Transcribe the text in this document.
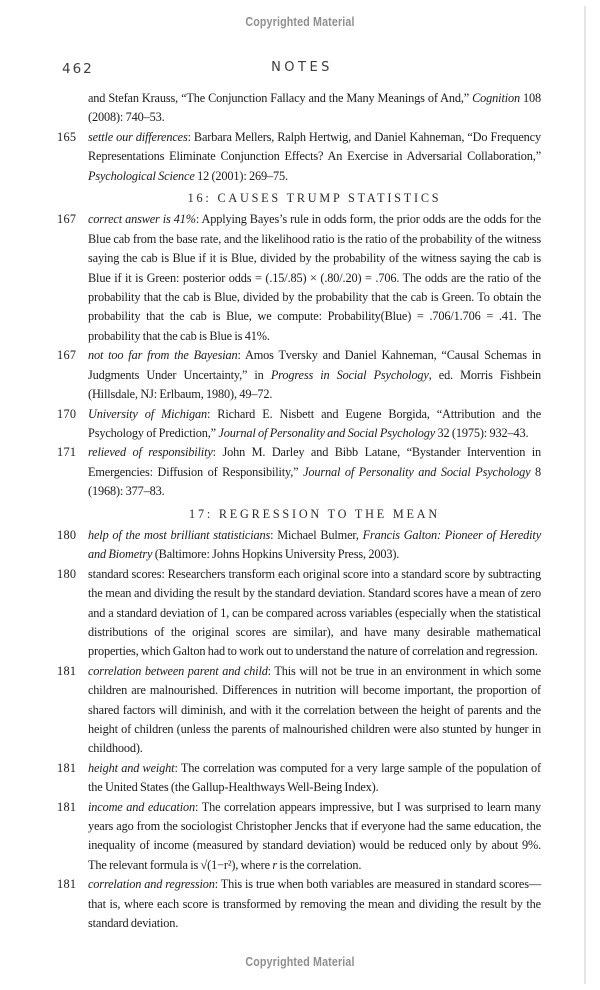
Copyrighted Material
462	NOTES
and Stefan Krauss, “The Conjunction Fallacy and the Many Meanings of And,” Cognition 108 (2008): 740–53.
165 settle our differences: Barbara Mellers, Ralph Hertwig, and Daniel Kahneman, “Do Frequency Representations Eliminate Conjunction Effects? An Exercise in Adversarial Collaboration,” Psychological Science 12 (2001): 269–75.
16: CAUSES TRUMP STATISTICS
167 correct answer is 41%: Applying Bayes’s rule in odds form, the prior odds are the odds for the Blue cab from the base rate, and the likelihood ratio is the ratio of the probability of the witness saying the cab is Blue if it is Blue, divided by the probability of the witness saying the cab is Blue if it is Green: posterior odds = (.15/.85) × (.80/.20) = .706. The odds are the ratio of the probability that the cab is Blue, divided by the probability that the cab is Green. To obtain the probability that the cab is Blue, we compute: Probability(Blue) = .706/1.706 = .41. The probability that the cab is Blue is 41%.
167 not too far from the Bayesian: Amos Tversky and Daniel Kahneman, “Causal Schemas in Judgments Under Uncertainty,” in Progress in Social Psychology, ed. Morris Fishbein (Hillsdale, NJ: Erlbaum, 1980), 49–72.
170 University of Michigan: Richard E. Nisbett and Eugene Borgida, “Attribution and the Psychology of Prediction,” Journal of Personality and Social Psychology 32 (1975): 932–43.
171 relieved of responsibility: John M. Darley and Bibb Latane, “Bystander Intervention in Emergencies: Diffusion of Responsibility,” Journal of Personality and Social Psychology 8 (1968): 377–83.
17: REGRESSION TO THE MEAN
180 help of the most brilliant statisticians: Michael Bulmer, Francis Galton: Pioneer of Heredity and Biometry (Baltimore: Johns Hopkins University Press, 2003).
180 standard scores: Researchers transform each original score into a standard score by subtracting the mean and dividing the result by the standard deviation. Standard scores have a mean of zero and a standard deviation of 1, can be compared across variables (especially when the statistical distributions of the original scores are similar), and have many desirable mathematical properties, which Galton had to work out to understand the nature of correlation and regression.
181 correlation between parent and child: This will not be true in an environment in which some children are malnourished. Differences in nutrition will become important, the proportion of shared factors will diminish, and with it the correlation between the height of parents and the height of children (unless the parents of malnourished children were also stunted by hunger in childhood).
181 height and weight: The correlation was computed for a very large sample of the population of the United States (the Gallup-Healthways Well-Being Index).
181 income and education: The correlation appears impressive, but I was surprised to learn many years ago from the sociologist Christopher Jencks that if everyone had the same education, the inequality of income (measured by standard deviation) would be reduced only by about 9%. The relevant formula is √(1−r²), where r is the correlation.
181 correlation and regression: This is true when both variables are measured in standard scores—that is, where each score is transformed by removing the mean and dividing the result by the standard deviation.
Copyrighted Material
